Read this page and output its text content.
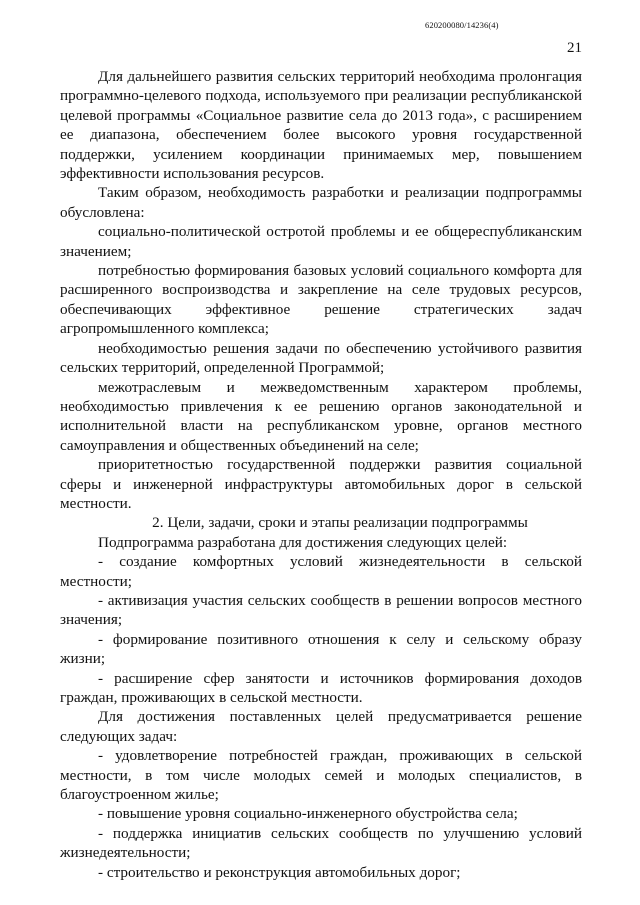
620200080/14236(4)
21

Для дальнейшего развития сельских территорий необходима пролонгация программно-целевого подхода, используемого при реализации республиканской целевой программы «Социальное развитие села до 2013 года», с расширением ее диапазона, обеспечением более высокого уровня государственной поддержки, усилением координации принимаемых мер, повышением эффективности использования ресурсов.

Таким образом, необходимость разработки и реализации подпрограммы обусловлена:

социально-политической остротой проблемы и ее общереспубликанским значением;

потребностью формирования базовых условий социального комфорта для расширенного воспроизводства и закрепление на селе трудовых ресурсов, обеспечивающих эффективное решение стратегических задач агропромышленного комплекса;

необходимостью решения задачи по обеспечению устойчивого развития сельских территорий, определенной Программой;

межотраслевым и межведомственным характером проблемы, необходимостью привлечения к ее решению органов законодательной и исполнительной власти на республиканском уровне, органов местного самоуправления и общественных объединений на селе;

приоритетностью государственной поддержки развития социальной сферы и инженерной инфраструктуры автомобильных дорог в сельской местности.

2. Цели, задачи, сроки и этапы реализации подпрограммы

Подпрограмма разработана для достижения следующих целей:

- создание комфортных условий жизнедеятельности в сельской местности;

- активизация участия сельских сообществ в решении вопросов местного значения;

- формирование позитивного отношения к селу и сельскому образу жизни;

- расширение сфер занятости и источников формирования доходов граждан, проживающих в сельской местности.

Для достижения поставленных целей предусматривается решение следующих задач:

- удовлетворение потребностей граждан, проживающих в сельской местности, в том числе молодых семей и молодых специалистов, в благоустроенном жилье;

- повышение уровня социально-инженерного обустройства села;

- поддержка инициатив сельских сообществ по улучшению условий жизнедеятельности;

- строительство и реконструкция автомобильных дорог;
